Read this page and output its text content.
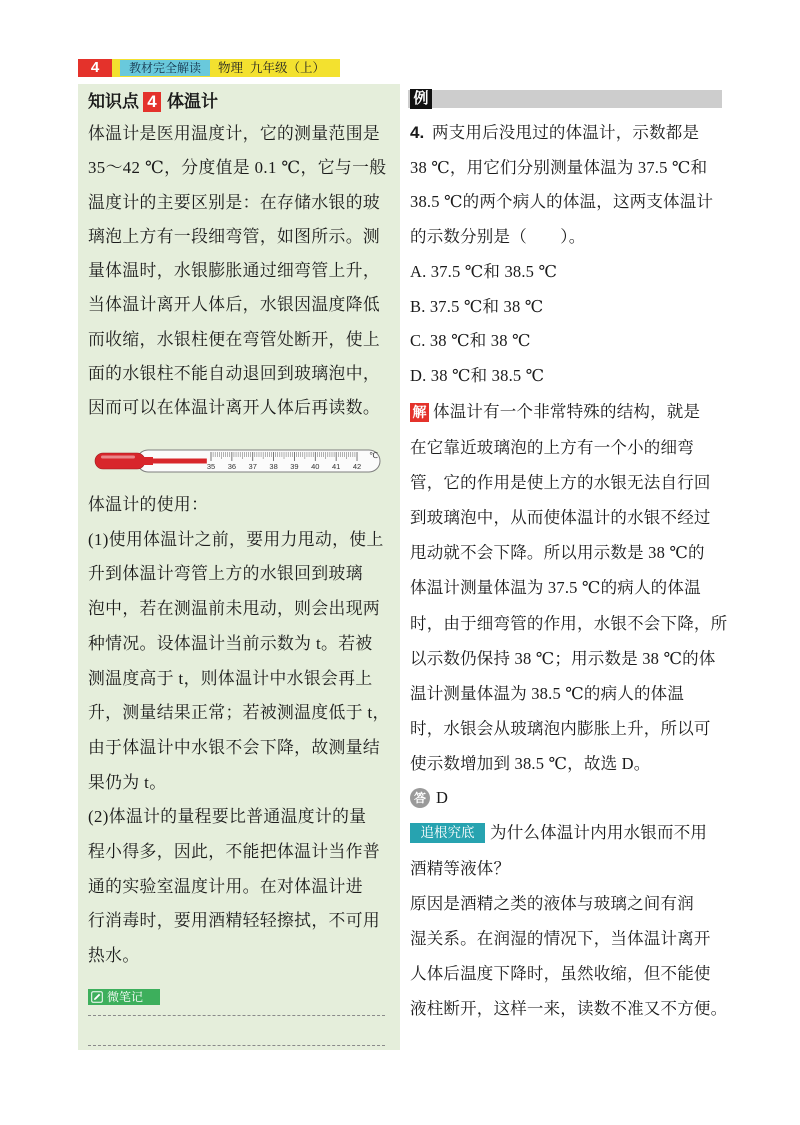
4	教材完全解读	物理  九年级（上）
知识点 4 体温计
体温计是医用温度计，它的测量范围是
35～42 ℃，分度值是 0.1 ℃，它与一般
温度计的主要区别是：在存储水银的玻
璃泡上方有一段细弯管，如图所示。测
量体温时，水银膨胀通过细弯管上升，
当体温计离开人体后，水银因温度降低
而收缩，水银柱便在弯管处断开，使上
面的水银柱不能自动退回到玻璃泡中，
因而可以在体温计离开人体后再读数。
35 36 37 38 39 40 41 42
℃
体温计的使用：
(1)使用体温计之前，要用力甩动，使上
升到体温计弯管上方的水银回到玻璃
泡中，若在测温前未甩动，则会出现两
种情况。设体温计当前示数为 t。若被
测温度高于 t，则体温计中水银会再上
升，测量结果正常；若被测温度低于 t，
由于体温计中水银不会下降，故测量结
果仍为 t。
(2)体温计的量程要比普通温度计的量
程小得多，因此，不能把体温计当作普
通的实验室温度计用。在对体温计进
行消毒时，要用酒精轻轻擦拭，不可用
热水。
微笔记
例
4. 两支用后没甩过的体温计，示数都是
38 ℃，用它们分别测量体温为 37.5 ℃和
38.5 ℃的两个病人的体温，这两支体温计
的示数分别是（　　）。
A. 37.5 ℃和 38.5 ℃
B. 37.5 ℃和 38 ℃
C. 38 ℃和 38 ℃
D. 38 ℃和 38.5 ℃
解 体温计有一个非常特殊的结构，就是
在它靠近玻璃泡的上方有一个小的细弯
管，它的作用是使上方的水银无法自行回
到玻璃泡中，从而使体温计的水银不经过
甩动就不会下降。所以用示数是 38 ℃的
体温计测量体温为 37.5 ℃的病人的体温
时，由于细弯管的作用，水银不会下降，所
以示数仍保持 38 ℃；用示数是 38 ℃的体
温计测量体温为 38.5 ℃的病人的体温
时，水银会从玻璃泡内膨胀上升，所以可
使示数增加到 38.5 ℃，故选 D。
答 D
追根究底 为什么体温计内用水银而不用
酒精等液体？
原因是酒精之类的液体与玻璃之间有润
湿关系。在润湿的情况下，当体温计离开
人体后温度下降时，虽然收缩，但不能使
液柱断开，这样一来，读数不准又不方便。
